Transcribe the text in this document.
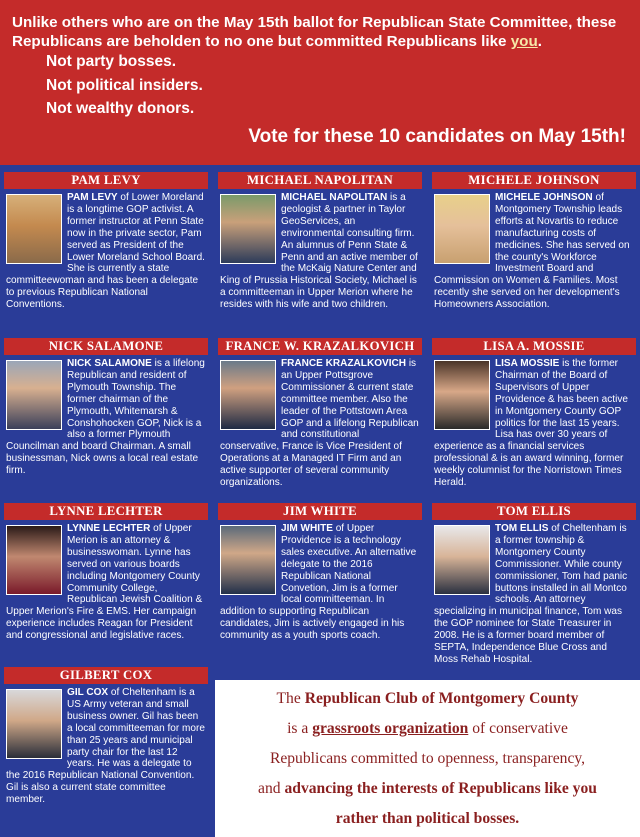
Unlike others who are on the May 15th ballot for Republican State Committee, these Republicans are beholden to no one but committed Republicans like you.

Not party bosses.

Not political insiders.

Not wealthy donors.

Vote for these 10 candidates on May 15th!

PAM LEVY

PAM LEVY of Lower Moreland is a longtime GOP activist. A former instructor at Penn State now in the private sector, Pam served as President of the Lower Moreland School Board. She is currently a state committeewoman and has been a delegate to previous Republican National Conventions.

MICHAEL NAPOLITAN

MICHAEL NAPOLITAN is a geologist & partner in Taylor GeoServices, an environmental consulting firm. An alumnus of Penn State & Penn and an active member of the McKaig Nature Center and King of Prussia Historical Society, Michael is a committeeman in Upper Merion where he resides with his wife and two children.

MICHELE JOHNSON

MICHELE JOHNSON of Montgomery Township leads efforts at Novartis to reduce manufacturing costs of medicines. She has served on the county's Workforce Investment Board and Commission on Women & Families. Most recently she served on her development's Homeowners Association.

NICK SALAMONE

NICK SALAMONE is a lifelong Republican and resident of Plymouth Township. The former chairman of the Plymouth, Whitemarsh & Conshohocken GOP, Nick is a also a former Plymouth Councilman and board Chairman. A small businessman, Nick owns a local real estate firm.

FRANCE W. KRAZALKOVICH

FRANCE KRAZALKOVICH is an Upper Pottsgrove Commissioner & current state committee member. Also the leader of the Pottstown Area GOP and a lifelong Republican and constitutional conservative, France is Vice President of Operations at a Managed IT Firm and an active supporter of several community organizations.

LISA A. MOSSIE

LISA MOSSIE is the former Chairman of the Board of Supervisors of Upper Providence & has been active in Montgomery County GOP politics for the last 15 years. Lisa has over 30 years of experience as a financial services professional & is an award winning, former weekly columnist for the Norristown Times Herald.

LYNNE LECHTER

LYNNE LECHTER of Upper Merion is an attorney & businesswoman. Lynne has served on various boards including Montgomery County Community College, Republican Jewish Coalition & Upper Merion's Fire & EMS. Her campaign experience includes Reagan for President and congressional and legislative races.

JIM WHITE

JIM WHITE of Upper Providence is a technology sales executive. An alternative delegate to the 2016 Republican National Convetion, Jim is a former local committeeman. In addition to supporting Republican candidates, Jim is actively engaged in his community as a youth sports coach.

TOM ELLIS

TOM ELLIS of Cheltenham is a former township & Montgomery County Commissioner. While county commissioner, Tom had panic buttons installed in all Montco schools. An attorney specializing in municipal finance, Tom was the GOP nominee for State Treasurer in 2008. He is a former board member of SEPTA, Independence Blue Cross and Moss Rehab Hospital.

GILBERT COX

GIL COX of Cheltenham is a US Army veteran and small business owner. Gil has been a local committeeman for more than 25 years and municipal party chair for the last 12 years. He was a delegate to the 2016 Republican National Convention. Gil is also a current state committee member.

The Republican Club of Montgomery County

is a grassroots organization of conservative

Republicans committed to openness, transparency,

and advancing the interests of Republicans like you

rather than political bosses.
